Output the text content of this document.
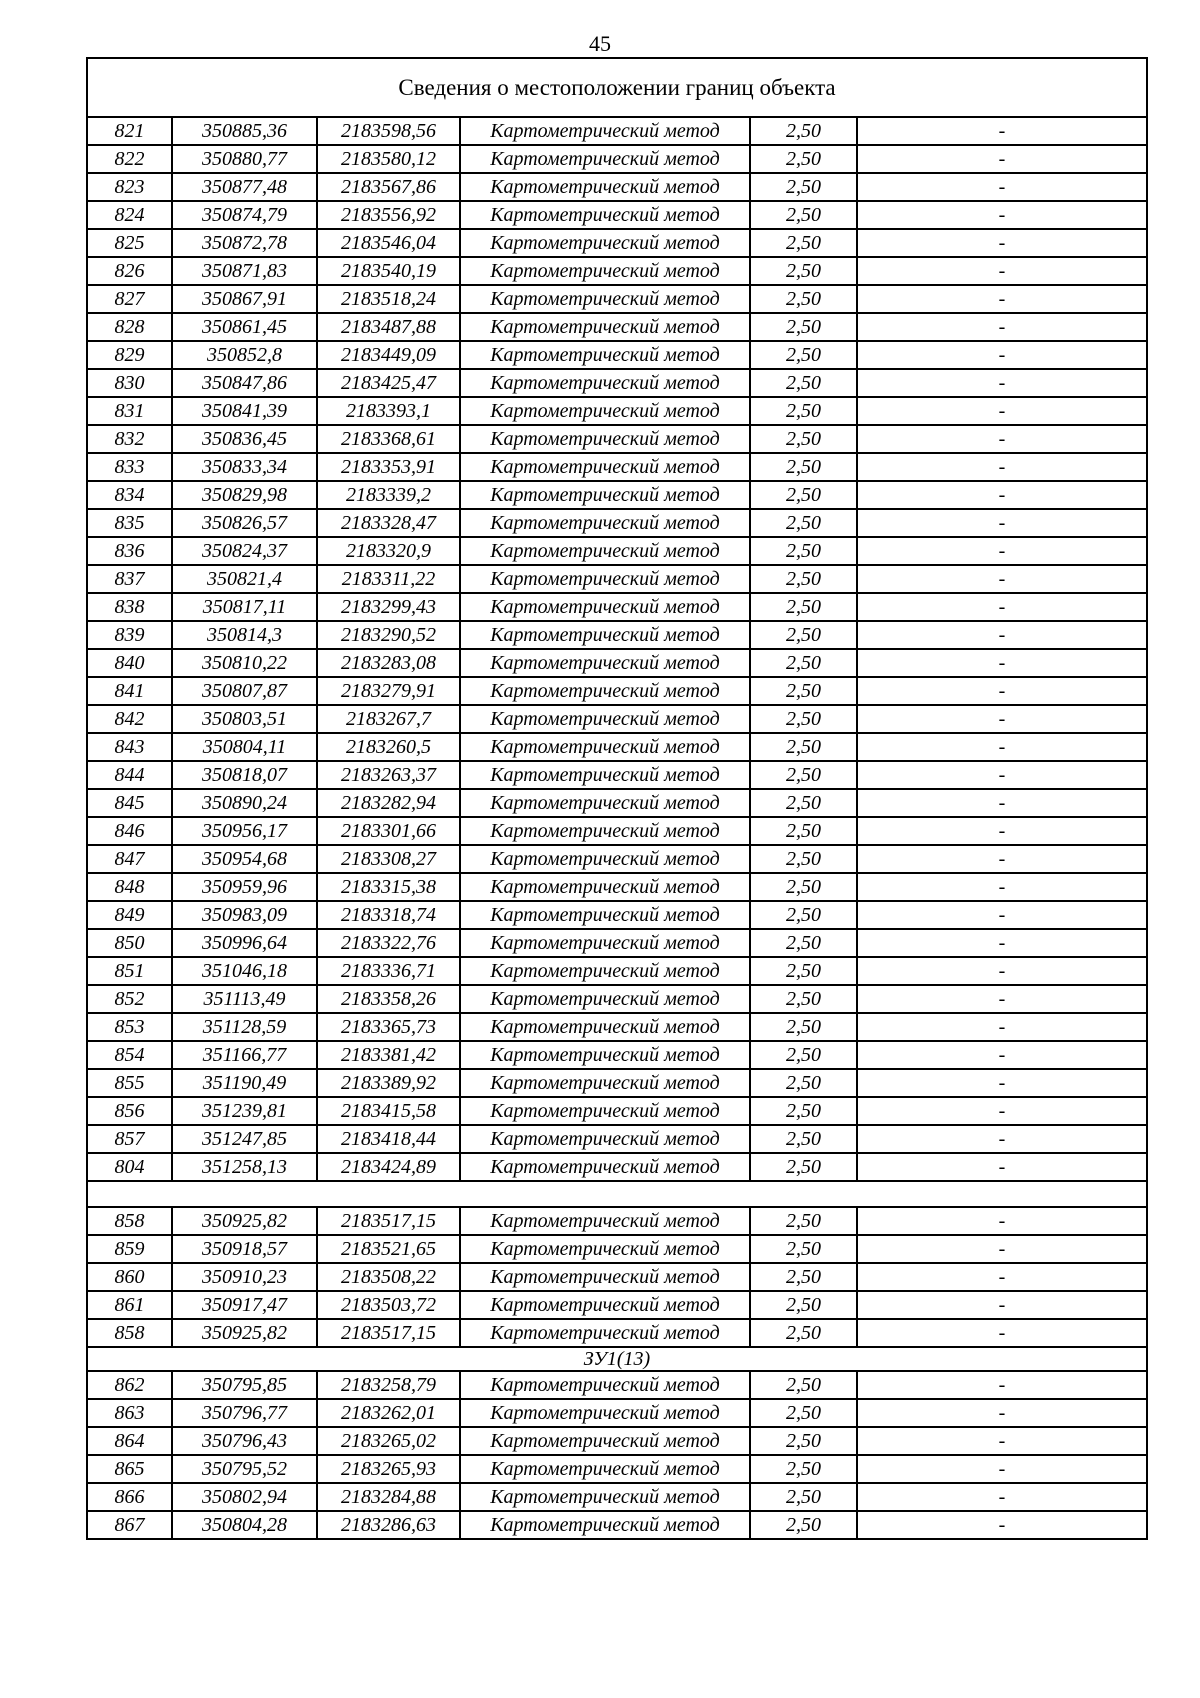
45
Сведения о местоположении границ объекта					
821	350885,36	2183598,56	Картометрический метод	2,50	-
822	350880,77	2183580,12	Картометрический метод	2,50	-
823	350877,48	2183567,86	Картометрический метод	2,50	-
824	350874,79	2183556,92	Картометрический метод	2,50	-
825	350872,78	2183546,04	Картометрический метод	2,50	-
826	350871,83	2183540,19	Картометрический метод	2,50	-
827	350867,91	2183518,24	Картометрический метод	2,50	-
828	350861,45	2183487,88	Картометрический метод	2,50	-
829	350852,8	2183449,09	Картометрический метод	2,50	-
830	350847,86	2183425,47	Картометрический метод	2,50	-
831	350841,39	2183393,1	Картометрический метод	2,50	-
832	350836,45	2183368,61	Картометрический метод	2,50	-
833	350833,34	2183353,91	Картометрический метод	2,50	-
834	350829,98	2183339,2	Картометрический метод	2,50	-
835	350826,57	2183328,47	Картометрический метод	2,50	-
836	350824,37	2183320,9	Картометрический метод	2,50	-
837	350821,4	2183311,22	Картометрический метод	2,50	-
838	350817,11	2183299,43	Картометрический метод	2,50	-
839	350814,3	2183290,52	Картометрический метод	2,50	-
840	350810,22	2183283,08	Картометрический метод	2,50	-
841	350807,87	2183279,91	Картометрический метод	2,50	-
842	350803,51	2183267,7	Картометрический метод	2,50	-
843	350804,11	2183260,5	Картометрический метод	2,50	-
844	350818,07	2183263,37	Картометрический метод	2,50	-
845	350890,24	2183282,94	Картометрический метод	2,50	-
846	350956,17	2183301,66	Картометрический метод	2,50	-
847	350954,68	2183308,27	Картометрический метод	2,50	-
848	350959,96	2183315,38	Картометрический метод	2,50	-
849	350983,09	2183318,74	Картометрический метод	2,50	-
850	350996,64	2183322,76	Картометрический метод	2,50	-
851	351046,18	2183336,71	Картометрический метод	2,50	-
852	351113,49	2183358,26	Картометрический метод	2,50	-
853	351128,59	2183365,73	Картометрический метод	2,50	-
854	351166,77	2183381,42	Картометрический метод	2,50	-
855	351190,49	2183389,92	Картометрический метод	2,50	-
856	351239,81	2183415,58	Картометрический метод	2,50	-
857	351247,85	2183418,44	Картометрический метод	2,50	-
804	351258,13	2183424,89	Картометрический метод	2,50	-

858	350925,82	2183517,15	Картометрический метод	2,50	-
859	350918,57	2183521,65	Картометрический метод	2,50	-
860	350910,23	2183508,22	Картометрический метод	2,50	-
861	350917,47	2183503,72	Картометрический метод	2,50	-
858	350925,82	2183517,15	Картометрический метод	2,50	-
ЗУ1(13)					
862	350795,85	2183258,79	Картометрический метод	2,50	-
863	350796,77	2183262,01	Картометрический метод	2,50	-
864	350796,43	2183265,02	Картометрический метод	2,50	-
865	350795,52	2183265,93	Картометрический метод	2,50	-
866	350802,94	2183284,88	Картометрический метод	2,50	-
867	350804,28	2183286,63	Картометрический метод	2,50	-
